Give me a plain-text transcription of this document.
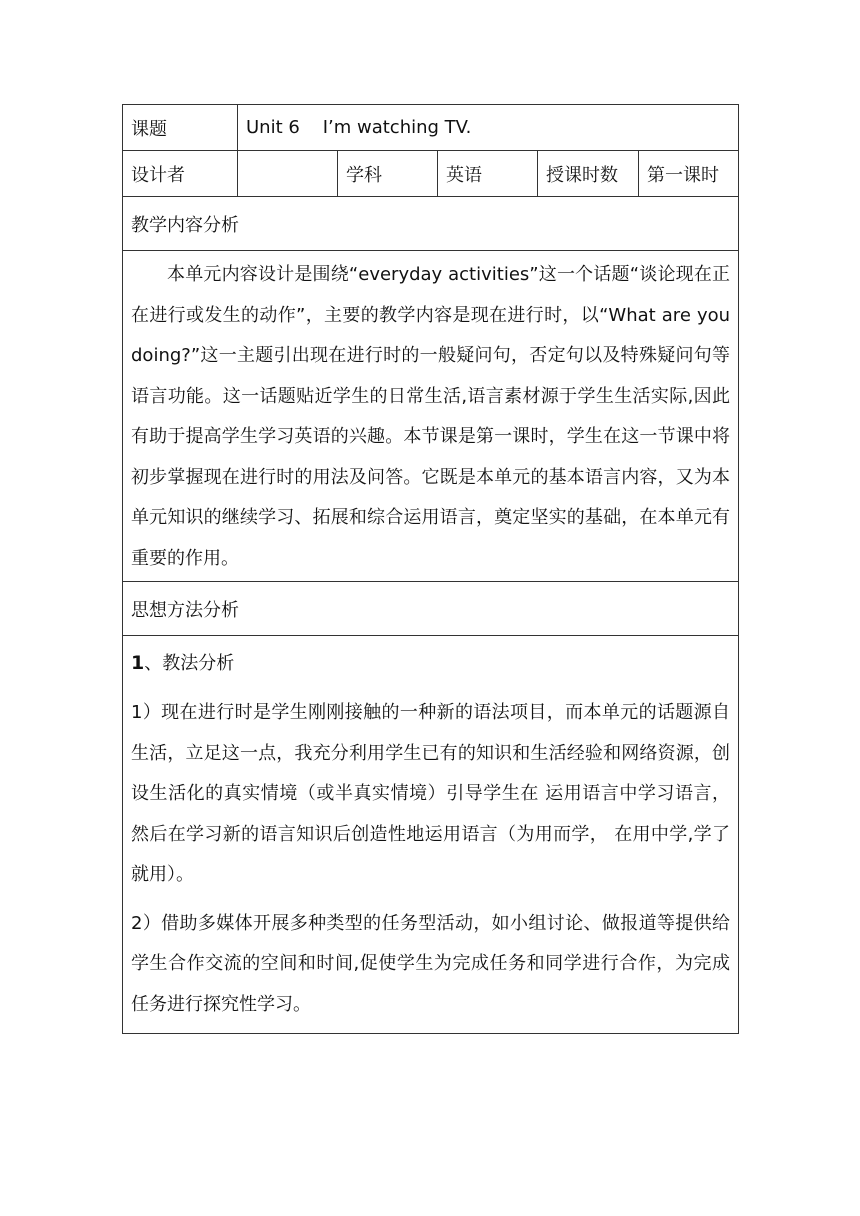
课题	Unit 6    I’m watching TV.				
设计者		学科	英语	授课时数	第一课时
教学内容分析					
本单元内容设计是围绕“everyday activities”这一个话题“谈论现在正在进行或发生的动作”，主要的教学内容是现在进行时，以“What are you doing?”这一主题引出现在进行时的一般疑问句，否定句以及特殊疑问句等语言功能。这一话题贴近学生的日常生活,语言素材源于学生生活实际,因此有助于提高学生学习英语的兴趣。本节课是第一课时，学生在这一节课中将初步掌握现在进行时的用法及问答。它既是本单元的基本语言内容，又为本单元知识的继续学习、拓展和综合运用语言，奠定坚实的基础，在本单元有重要的作用。					
思想方法分析					

1、教法分析

1）现在进行时是学生刚刚接触的一种新的语法项目，而本单元的话题源自生活，立足这一点，我充分利用学生已有的知识和生活经验和网络资源，创设生活化的真实情境（或半真实情境）引导学生在 运用语言中学习语言，然后在学习新的语言知识后创造性地运用语言（为用而学， 在用中学,学了就用）。

2）借助多媒体开展多种类型的任务型活动，如小组讨论、做报道等提供给学生合作交流的空间和时间,促使学生为完成任务和同学进行合作，为完成任务进行探究性学习。					
